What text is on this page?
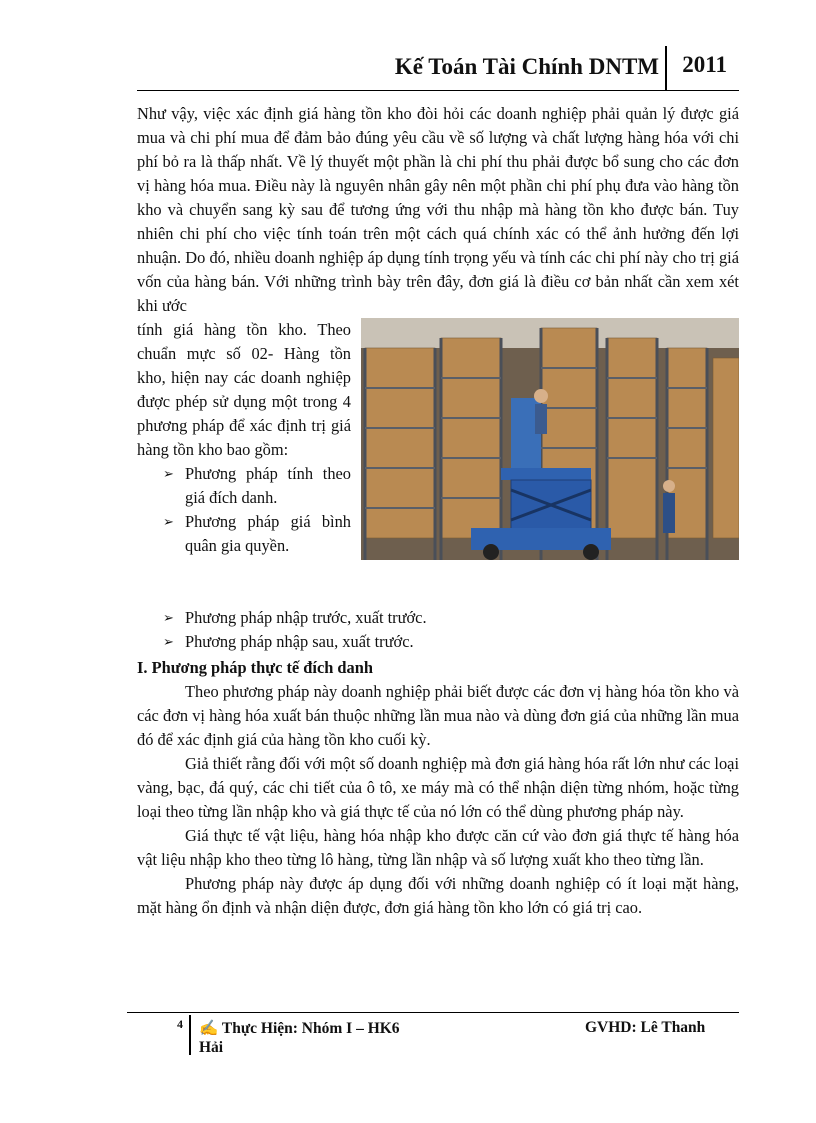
Kế Toán Tài Chính DNTM 2011

Như vậy, việc xác định giá hàng tồn kho đòi hỏi các doanh nghiệp phải quản lý được giá mua và chi phí mua để đảm bảo đúng yêu cầu về số lượng và chất lượng hàng hóa với chi phí bỏ ra là thấp nhất. Về lý thuyết một phần là chi phí thu phải được bổ sung cho các đơn vị hàng hóa mua. Điều này là nguyên nhân gây nên một phần chi phí phụ đưa vào hàng tồn kho và chuyển sang kỳ sau để tương ứng với thu nhập mà hàng tồn kho được bán. Tuy nhiên chi phí cho việc tính toán trên một cách quá chính xác có thể ảnh hưởng đến lợi nhuận. Do đó, nhiều doanh nghiệp áp dụng tính trọng yếu và tính các chi phí này cho trị giá vốn của hàng bán. Với những trình bày trên đây, đơn giá là điều cơ bản nhất cần xem xét khi ước

tính giá hàng tồn kho. Theo chuẩn mực số 02- Hàng tồn kho, hiện nay các doanh nghiệp được phép sử dụng một trong 4 phương pháp để xác định trị giá hàng tồn kho bao gồm:
➢ Phương pháp tính theo giá đích danh.
➢ Phương pháp giá bình quân gia quyền.
➢ Phương pháp nhập trước, xuất trước.
➢ Phương pháp nhập sau, xuất trước.

I. Phương pháp thực tế đích danh

Theo phương pháp này doanh nghiệp phải biết được các đơn vị hàng hóa tồn kho và các đơn vị hàng hóa xuất bán thuộc những lần mua nào và dùng đơn giá của những lần mua đó để xác định giá của hàng tồn kho cuối kỳ.

Giả thiết rằng đối với một số doanh nghiệp mà đơn giá hàng hóa rất lớn như các loại vàng, bạc, đá quý, các chi tiết của ô tô, xe máy mà có thể nhận diện từng nhóm, hoặc từng loại theo từng lần nhập kho và giá thực tế của nó lớn có thể dùng phương pháp này.

Giá thực tế vật liệu, hàng hóa nhập kho được căn cứ vào đơn giá thực tế hàng hóa vật liệu nhập kho theo từng lô hàng, từng lần nhập và số lượng xuất kho theo từng lần.

Phương pháp này được áp dụng đối với những doanh nghiệp có ít loại mặt hàng, mặt hàng ổn định và nhận diện được, đơn giá hàng tồn kho lớn có giá trị cao.

4 ✍ Thực Hiện: Nhóm I – HK6	GVHD: Lê Thanh
Hải
